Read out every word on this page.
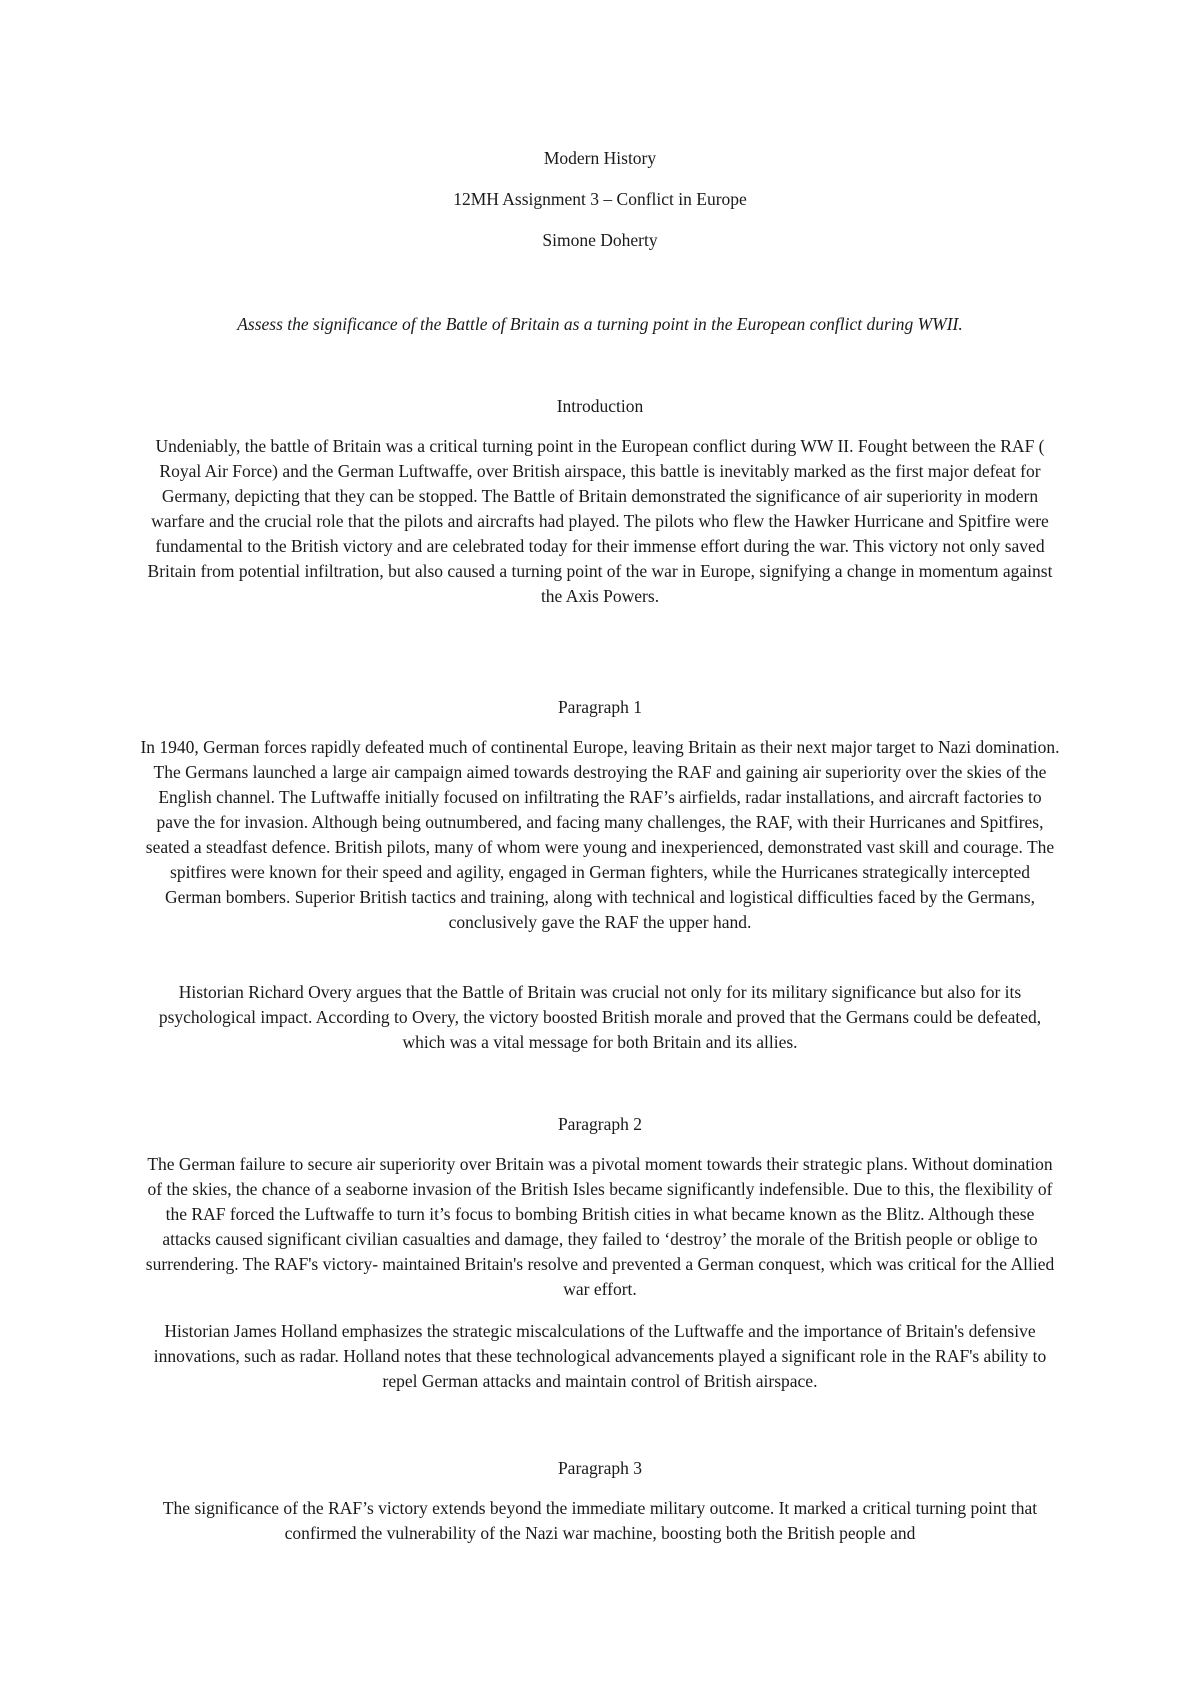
Modern History
12MH Assignment 3 – Conflict in Europe
Simone Doherty
Assess the significance of the Battle of Britain as a turning point in the European conflict during WWII.
Introduction

Undeniably, the battle of Britain was a critical turning point in the European conflict during WW II. Fought between the RAF ( Royal Air Force) and the German Luftwaffe, over British airspace, this battle is inevitably marked as the first major defeat for Germany, depicting that they can be stopped. The Battle of Britain demonstrated the significance of air superiority in modern warfare and the crucial role that the pilots and aircrafts had played. The pilots who flew the Hawker Hurricane and Spitfire were fundamental to the British victory and are celebrated today for their immense effort during the war. This victory not only saved Britain from potential infiltration, but also caused a turning point of the war in Europe, signifying a change in momentum against the Axis Powers.

Paragraph 1

In 1940, German forces rapidly defeated much of continental Europe, leaving Britain as their next major target to Nazi domination. The Germans launched a large air campaign aimed towards destroying the RAF and gaining air superiority over the skies of the English channel. The Luftwaffe initially focused on infiltrating the RAF’s airfields, radar installations, and aircraft factories to pave the for invasion. Although being outnumbered, and facing many challenges, the RAF, with their Hurricanes and Spitfires, seated a steadfast defence. British pilots, many of whom were young and inexperienced, demonstrated vast skill and courage. The spitfires were known for their speed and agility, engaged in German fighters, while the Hurricanes strategically intercepted German bombers. Superior British tactics and training, along with technical and logistical difficulties faced by the Germans, conclusively gave the RAF the upper hand.

Historian Richard Overy argues that the Battle of Britain was crucial not only for its military significance but also for its psychological impact. According to Overy, the victory boosted British morale and proved that the Germans could be defeated, which was a vital message for both Britain and its allies.

Paragraph 2

The German failure to secure air superiority over Britain was a pivotal moment towards their strategic plans. Without domination of the skies, the chance of a seaborne invasion of the British Isles became significantly indefensible. Due to this, the flexibility of the RAF forced the Luftwaffe to turn it’s focus to bombing British cities in what became known as the Blitz. Although these attacks caused significant civilian casualties and damage, they failed to ‘destroy’ the morale of the British people or oblige to surrendering. The RAF's victory- maintained Britain's resolve and prevented a German conquest, which was critical for the Allied war effort.

Historian James Holland emphasizes the strategic miscalculations of the Luftwaffe and the importance of Britain's defensive innovations, such as radar. Holland notes that these technological advancements played a significant role in the RAF's ability to repel German attacks and maintain control of British airspace.

Paragraph 3

The significance of the RAF’s victory extends beyond the immediate military outcome. It marked a critical turning point that confirmed the vulnerability of the Nazi war machine, boosting both the British people and
